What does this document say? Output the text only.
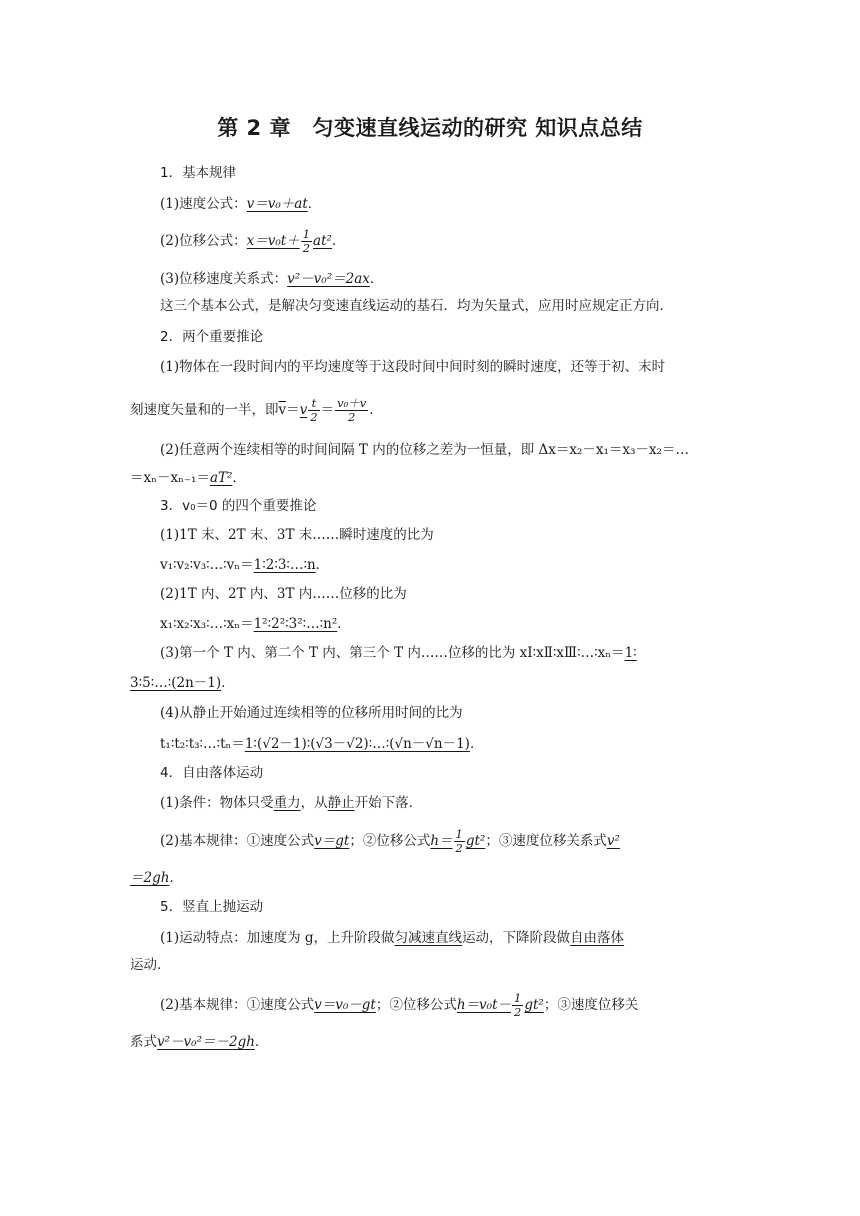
第 2 章　匀变速直线运动的研究 知识点总结
1．基本规律
(1)速度公式：v＝v₀＋at．
(2)位移公式：$x=v_0t+ \frac{1}{2} at^2$．
(3)位移速度关系式：v²－v₀²＝2ax．
这三个基本公式，是解决匀变速直线运动的基石．均为矢量式，应用时应规定正方向．
2．两个重要推论
(1)物体在一段时间内的平均速度等于这段时间中间时刻的瞬时速度，还等于初、末时
刻速度矢量和的一半，即$\overline{v}=v \frac{t}{2} = \frac{\text{v₀＋v}}{2}$ ．
(2)任意两个连续相等的时间间隔 T 内的位移之差为一恒量，即 Δx＝x₂－x₁＝x₃－x₂＝…
＝xₙ－xₙ₋₁＝aT²．
3．v₀＝0 的四个重要推论
(1)1T 末、2T 末、3T 末……瞬时速度的比为
v₁∶v₂∶v₃∶…∶vₙ＝1∶2∶3∶…∶n．
(2)1T 内、2T 内、3T 内……位移的比为
x₁∶x₂∶x₃∶…∶xₙ＝1²∶2²∶3²∶…∶n²．
(3)第一个 T 内、第二个 T 内、第三个 T 内……位移的比为 xⅠ∶xⅡ∶xⅢ∶…∶xₙ＝1∶
3∶5∶…∶(2n－1)．
(4)从静止开始通过连续相等的位移所用时间的比为
t₁∶t₂∶t₃∶…∶tₙ＝1∶(√2－1)∶(√3－√2)∶…∶(√n－√n－1)．
4．自由落体运动
(1)条件：物体只受重力，从静止开始下落．
(2)基本规律：①速度公式v＝gt；②位移公式$h= \frac{1}{2} gt^2$；③速度位移关系式v²
＝2gh．
5．竖直上抛运动
(1)运动特点：加速度为 g，上升阶段做匀减速直线运动，下降阶段做自由落体
运动．
(2)基本规律：①速度公式v＝v₀－gt；②位移公式$h=v_0t- \frac{1}{2} gt^2$；③速度位移关
系式v²－v₀²＝－2gh．
